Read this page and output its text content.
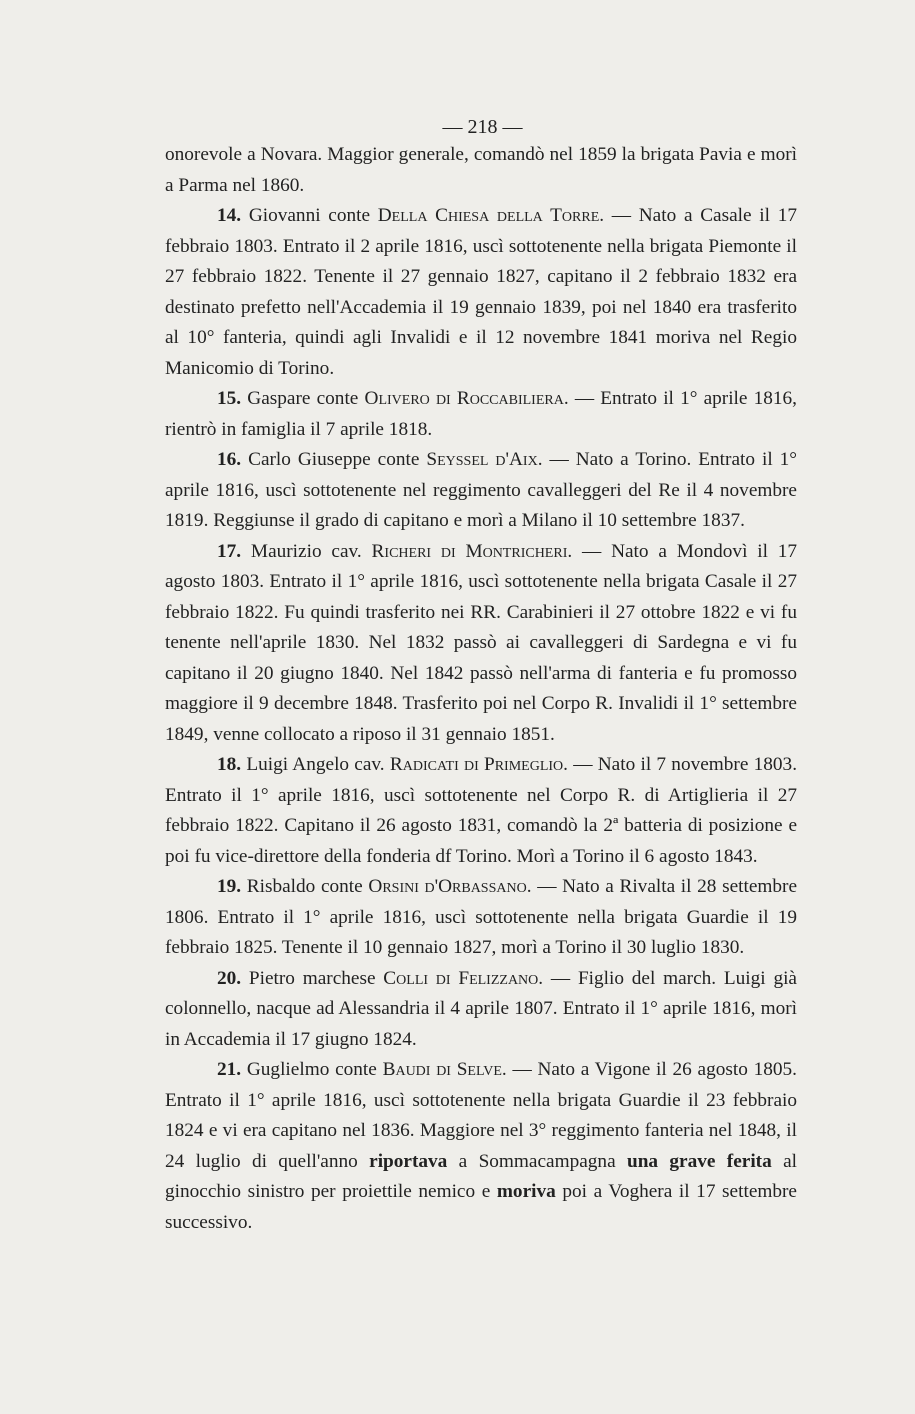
— 218 —

onorevole a Novara. Maggior generale, comandò nel 1859 la brigata Pavia e morì a Parma nel 1860.

14. Giovanni conte Della Chiesa della Torre. — Nato a Casale il 17 febbraio 1803. Entrato il 2 aprile 1816, uscì sottotenente nella brigata Piemonte il 27 febbraio 1822. Tenente il 27 gennaio 1827, capitano il 2 febbraio 1832 era destinato prefetto nell'Accademia il 19 gennaio 1839, poi nel 1840 era trasferito al 10° fanteria, quindi agli Invalidi e il 12 novembre 1841 moriva nel Regio Manicomio di Torino.

15. Gaspare conte Olivero di Roccabiliera. — Entrato il 1° aprile 1816, rientrò in famiglia il 7 aprile 1818.

16. Carlo Giuseppe conte Seyssel d'Aix. — Nato a Torino. Entrato il 1° aprile 1816, uscì sottotenente nel reggimento cavalleggeri del Re il 4 novembre 1819. Reggiunse il grado di capitano e morì a Milano il 10 settembre 1837.

17. Maurizio cav. Richeri di Montricheri. — Nato a Mondovì il 17 agosto 1803. Entrato il 1° aprile 1816, uscì sottotenente nella brigata Casale il 27 febbraio 1822. Fu quindi trasferito nei RR. Carabinieri il 27 ottobre 1822 e vi fu tenente nell'aprile 1830. Nel 1832 passò ai cavalleggeri di Sardegna e vi fu capitano il 20 giugno 1840. Nel 1842 passò nell'arma di fanteria e fu promosso maggiore il 9 decembre 1848. Trasferito poi nel Corpo R. Invalidi il 1° settembre 1849, venne collocato a riposo il 31 gennaio 1851.

18. Luigi Angelo cav. Radicati di Primeglio. — Nato il 7 novembre 1803. Entrato il 1° aprile 1816, uscì sottotenente nel Corpo R. di Artiglieria il 27 febbraio 1822. Capitano il 26 agosto 1831, comandò la 2ª batteria di posizione e poi fu vice-direttore della fonderia df Torino. Morì a Torino il 6 agosto 1843.

19. Risbaldo conte Orsini d'Orbassano. — Nato a Rivalta il 28 settembre 1806. Entrato il 1° aprile 1816, uscì sottotenente nella brigata Guardie il 19 febbraio 1825. Tenente il 10 gennaio 1827, morì a Torino il 30 luglio 1830.

20. Pietro marchese Colli di Felizzano. — Figlio del march. Luigi già colonnello, nacque ad Alessandria il 4 aprile 1807. Entrato il 1° aprile 1816, morì in Accademia il 17 giugno 1824.

21. Guglielmo conte Baudi di Selve. — Nato a Vigone il 26 agosto 1805. Entrato il 1° aprile 1816, uscì sottotenente nella brigata Guardie il 23 febbraio 1824 e vi era capitano nel 1836. Maggiore nel 3° reggimento fanteria nel 1848, il 24 luglio di quell'anno riportava a Sommacampagna una grave ferita al ginocchio sinistro per proiettile nemico e moriva poi a Voghera il 17 settembre successivo.
